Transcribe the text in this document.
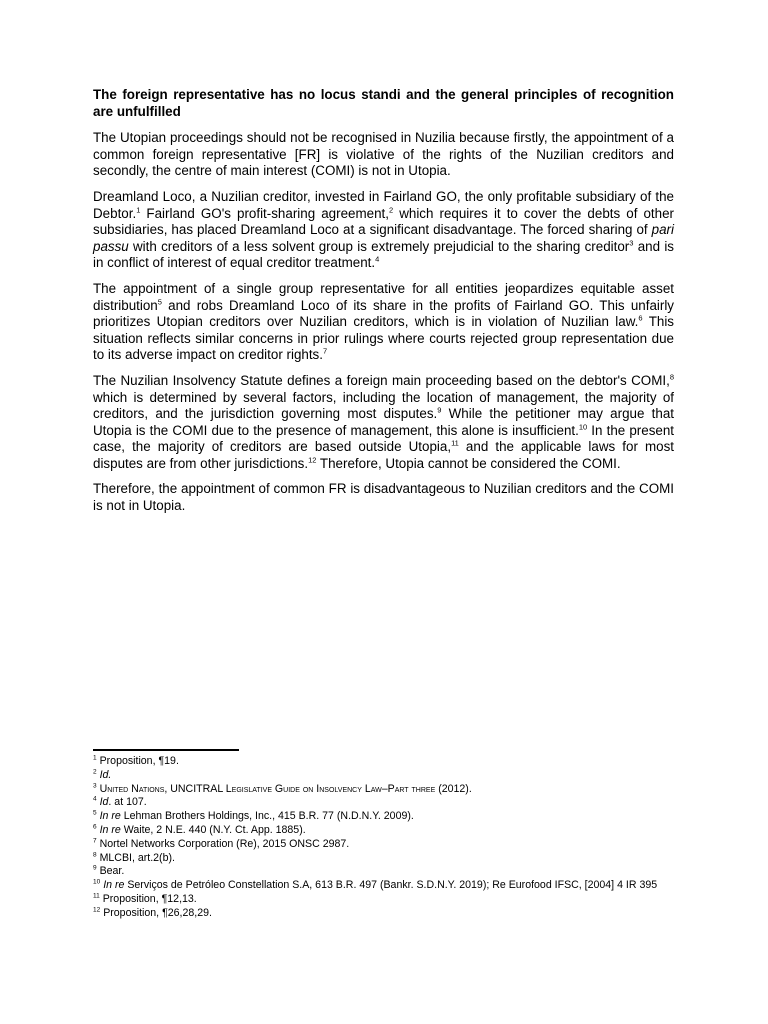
The foreign representative has no locus standi and the general principles of recognition are unfulfilled

The Utopian proceedings should not be recognised in Nuzilia because firstly, the appointment of a common foreign representative [FR] is violative of the rights of the Nuzilian creditors and secondly, the centre of main interest (COMI) is not in Utopia.

Dreamland Loco, a Nuzilian creditor, invested in Fairland GO, the only profitable subsidiary of the Debtor.$^1$ Fairland GO's profit-sharing agreement,$^2$ which requires it to cover the debts of other subsidiaries, has placed Dreamland Loco at a significant disadvantage. The forced sharing of pari passu with creditors of a less solvent group is extremely prejudicial to the sharing creditor$^3$ and is in conflict of interest of equal creditor treatment.$^4$

The appointment of a single group representative for all entities jeopardizes equitable asset distribution$^5$ and robs Dreamland Loco of its share in the profits of Fairland GO. This unfairly prioritizes Utopian creditors over Nuzilian creditors, which is in violation of Nuzilian law.$^6$ This situation reflects similar concerns in prior rulings where courts rejected group representation due to its adverse impact on creditor rights.$^7$

The Nuzilian Insolvency Statute defines a foreign main proceeding based on the debtor's COMI,$^8$ which is determined by several factors, including the location of management, the majority of creditors, and the jurisdiction governing most disputes.$^9$ While the petitioner may argue that Utopia is the COMI due to the presence of management, this alone is insufficient.$^{10}$ In the present case, the majority of creditors are based outside Utopia,$^{11}$ and the applicable laws for most disputes are from other jurisdictions.$^{12}$ Therefore, Utopia cannot be considered the COMI.

Therefore, the appointment of common FR is disadvantageous to Nuzilian creditors and the COMI is not in Utopia.

$^1$ Proposition, ¶19.

$^2$ Id.

$^3$ United Nations, UNCITRAL Legislative Guide on Insolvency Law–Part three (2012).

$^4$ Id. at 107.

$^5$ In re Lehman Brothers Holdings, Inc., 415 B.R. 77 (N.D.N.Y. 2009).

$^6$ In re Waite, 2 N.E. 440 (N.Y. Ct. App. 1885).

$^7$ Nortel Networks Corporation (Re), 2015 ONSC 2987.

$^8$ MLCBI, art.2(b).

$^9$ Bear.

$^{10}$ In re Serviços de Petróleo Constellation S.A, 613 B.R. 497 (Bankr. S.D.N.Y. 2019); Re Eurofood IFSC, [2004] 4 IR 395

$^{11}$ Proposition, ¶12,13.

$^{12}$ Proposition, ¶26,28,29.
